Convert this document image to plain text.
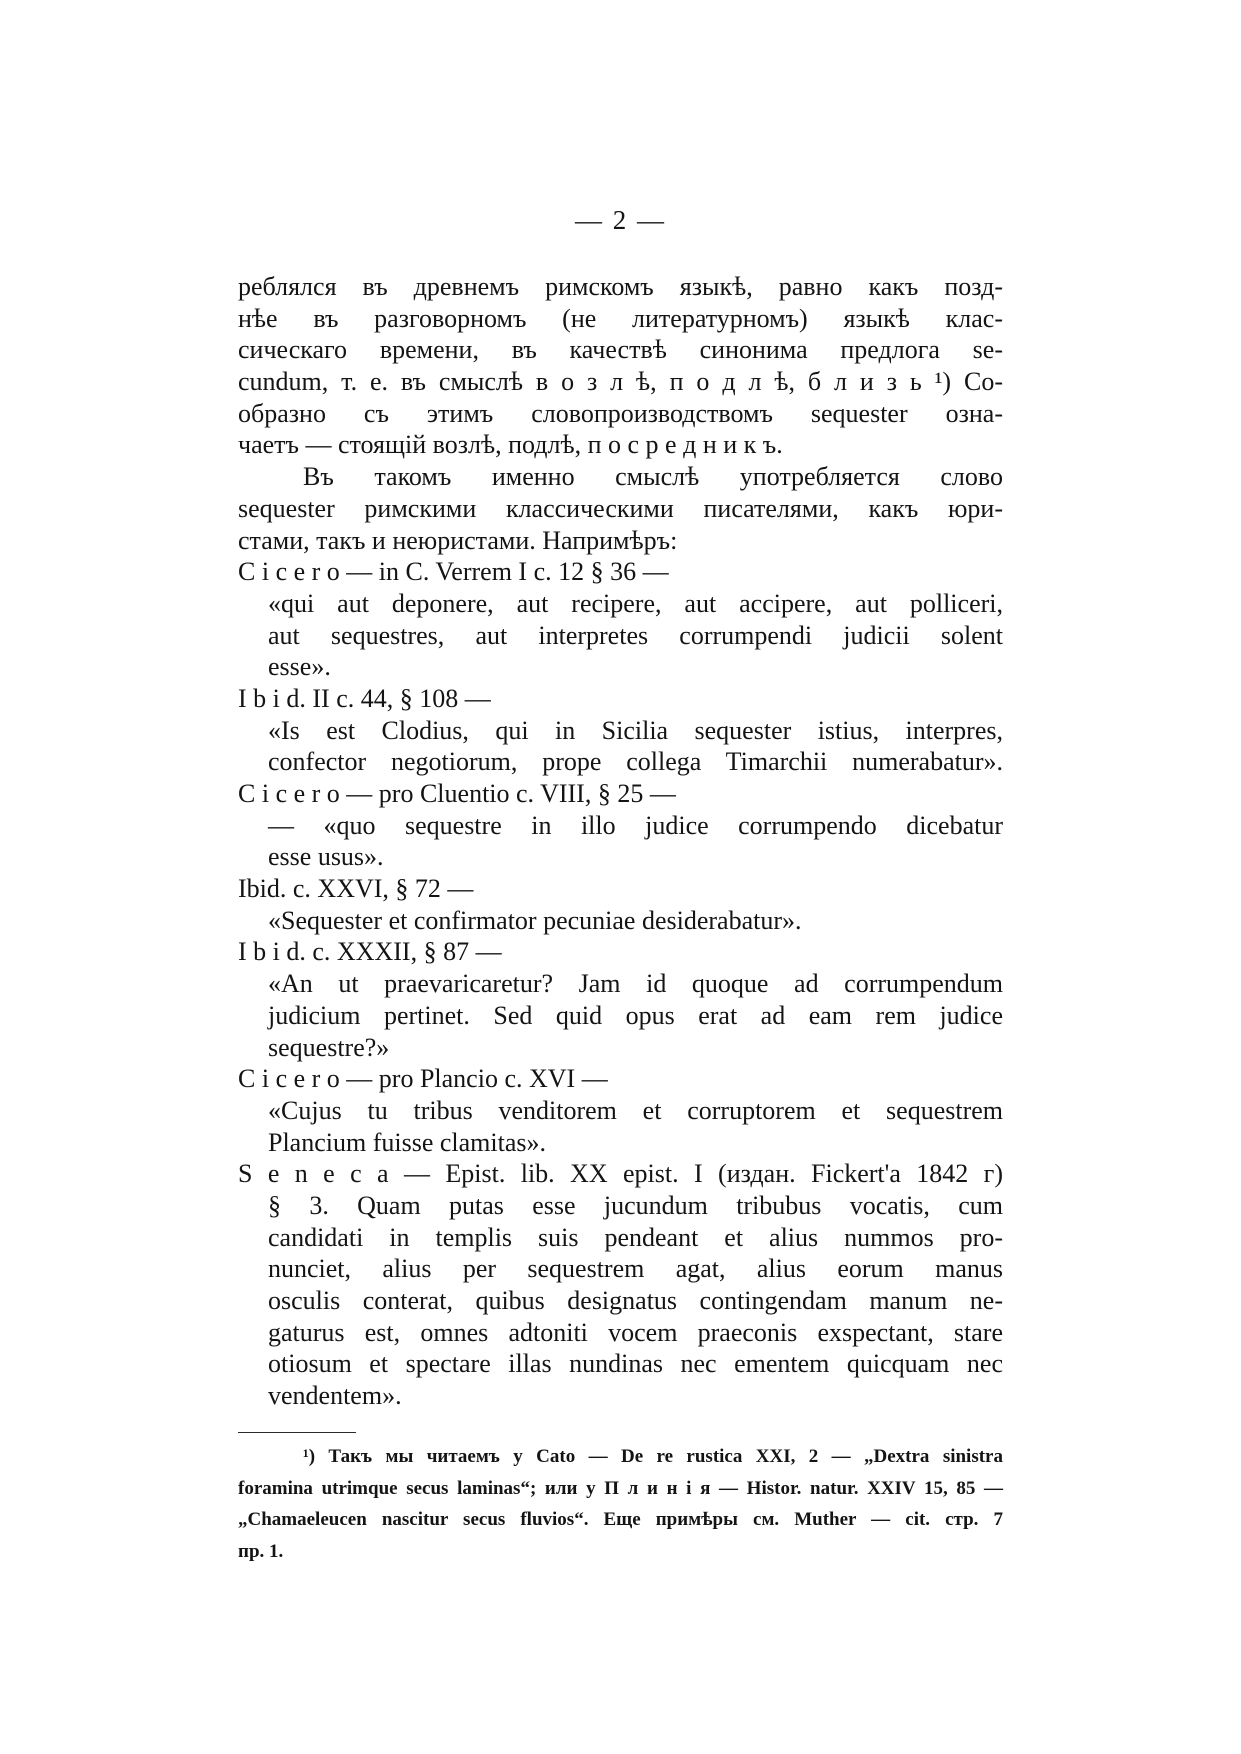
— 2 —
реблялся въ древнемъ римскомъ языкѣ, равно какъ позд-
нѣе въ разговорномъ (не литературномъ) языкѣ клас-
сическаго времени, въ качествѣ синонима предлога se-
cundum, т. е. въ смыслѣ в о з л ѣ, п о д л ѣ, б л и з ь ¹) Со-
образно съ этимъ словопроизводствомъ sequester озна-
чаетъ — стоящій возлѣ, подлѣ, п о с р е д н и к ъ.
Въ такомъ именно смыслѣ употребляется слово
sequester римскими классическими писателями, какъ юри-
стами, такъ и неюристами. Напримѣръ:
C i c e r o — in C. Verrem I c. 12 § 36 —
«qui aut deponere, aut recipere, aut accipere, aut polliceri,
aut sequestres, aut interpretes corrumpendi judicii solent
esse».
I b i d. II c. 44, § 108 —
«Is est Clodius, qui in Sicilia sequester istius, interpres,
confector negotiorum, prope collega Timarchii numerabatur».
C i c e r o — pro Cluentio c. VIII, § 25 —
— «quo sequestre in illo judice corrumpendo dicebatur
esse usus».
Ibid. c. XXVI, § 72 —
«Sequester et confirmator pecuniae desiderabatur».
I b i d. c. XXXII, § 87 —
«An ut praevaricaretur? Jam id quoque ad corrumpendum
judicium pertinet. Sed quid opus erat ad eam rem judice
sequestre?»
C i c e r o — pro Plancio c. XVI —
«Cujus tu tribus venditorem et corruptorem et sequestrem
Plancium fuisse clamitas».
S e n e c a — Epist. lib. XX epist. I (издан. Fickert'a 1842 г)
§ 3. Quam putas esse jucundum tribubus vocatis, cum
candidati in templis suis pendeant et alius nummos pro-
nunciet, alius per sequestrem agat, alius eorum manus
osculis conterat, quibus designatus contingendam manum ne-
gaturus est, omnes adtoniti vocem praeconis exspectant, stare
otiosum et spectare illas nundinas nec ementem quicquam nec
vendentem».
¹) Такъ мы читаемъ у Cato — De re rustica XXI, 2 — „Dextra sinistra
foramina utrimque secus laminas“; или у П л и н і я — Histor. natur. XXIV 15, 85 —
„Chamaeleucen nascitur secus fluvios“. Еще примѣры см. Muther — cit. стр. 7
пр. 1.
